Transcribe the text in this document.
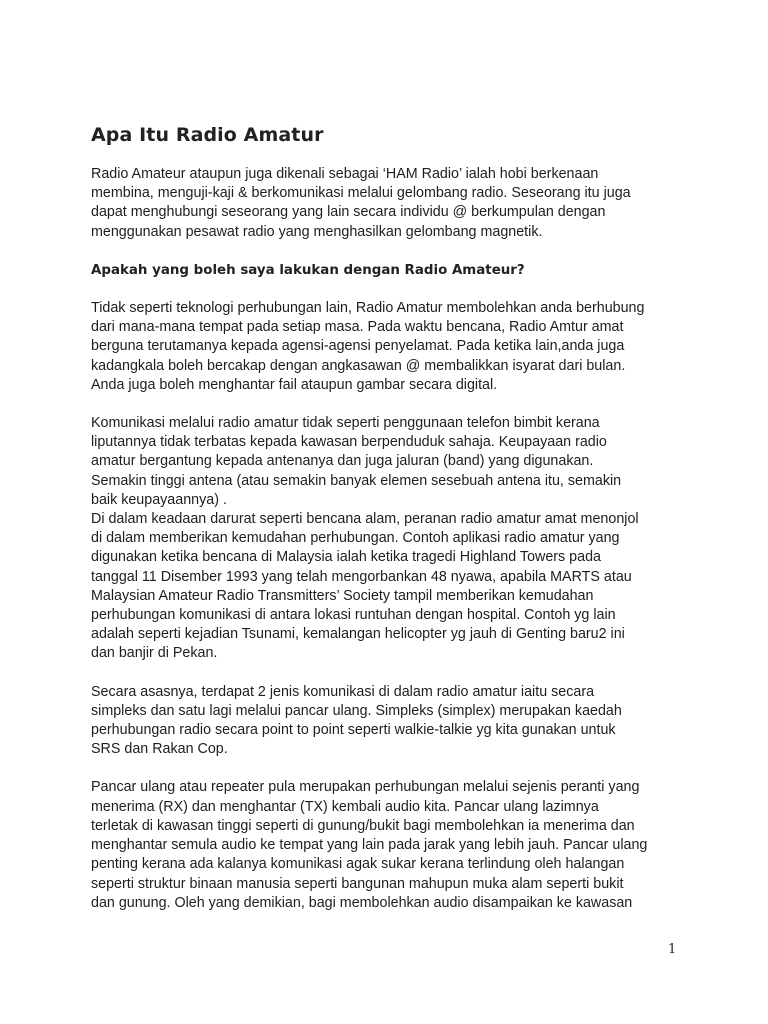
Apa Itu Radio Amatur

Radio Amateur ataupun juga dikenali sebagai ‘HAM Radio’ ialah hobi berkenaan
membina, menguji-kaji & berkomunikasi melalui gelombang radio. Seseorang itu juga
dapat menghubungi seseorang yang lain secara individu @ berkumpulan dengan
menggunakan pesawat radio yang menghasilkan gelombang magnetik.

Apakah yang boleh saya lakukan dengan Radio Amateur?

Tidak seperti teknologi perhubungan lain, Radio Amatur membolehkan anda berhubung
dari mana-mana tempat pada setiap masa. Pada waktu bencana, Radio Amtur amat
berguna terutamanya kepada agensi-agensi penyelamat. Pada ketika lain,anda juga
kadangkala boleh bercakap dengan angkasawan @ membalikkan isyarat dari bulan.
Anda juga boleh menghantar fail ataupun gambar secara digital.

Komunikasi melalui radio amatur tidak seperti penggunaan telefon bimbit kerana
liputannya tidak terbatas kepada kawasan berpenduduk sahaja. Keupayaan radio
amatur bergantung kepada antenanya dan juga jaluran (band) yang digunakan.
Semakin tinggi antena (atau semakin banyak elemen sesebuah antena itu, semakin
baik keupayaannya) .

Di dalam keadaan darurat seperti bencana alam, peranan radio amatur amat menonjol
di dalam memberikan kemudahan perhubungan. Contoh aplikasi radio amatur yang
digunakan ketika bencana di Malaysia ialah ketika tragedi Highland Towers pada
tanggal 11 Disember 1993 yang telah mengorbankan 48 nyawa, apabila MARTS atau
Malaysian Amateur Radio Transmitters’ Society tampil memberikan kemudahan
perhubungan komunikasi di antara lokasi runtuhan dengan hospital. Contoh yg lain
adalah seperti kejadian Tsunami, kemalangan helicopter yg jauh di Genting baru2 ini
dan banjir di Pekan.

Secara asasnya, terdapat 2 jenis komunikasi di dalam radio amatur iaitu secara
simpleks dan satu lagi melalui pancar ulang. Simpleks (simplex) merupakan kaedah
perhubungan radio secara point to point seperti walkie-talkie yg kita gunakan untuk
SRS dan Rakan Cop.

Pancar ulang atau repeater pula merupakan perhubungan melalui sejenis peranti yang
menerima (RX) dan menghantar (TX) kembali audio kita. Pancar ulang lazimnya
terletak di kawasan tinggi seperti di gunung/bukit bagi membolehkan ia menerima dan
menghantar semula audio ke tempat yang lain pada jarak yang lebih jauh. Pancar ulang
penting kerana ada kalanya komunikasi agak sukar kerana terlindung oleh halangan
seperti struktur binaan manusia seperti bangunan mahupun muka alam seperti bukit
dan gunung. Oleh yang demikian, bagi membolehkan audio disampaikan ke kawasan

1
